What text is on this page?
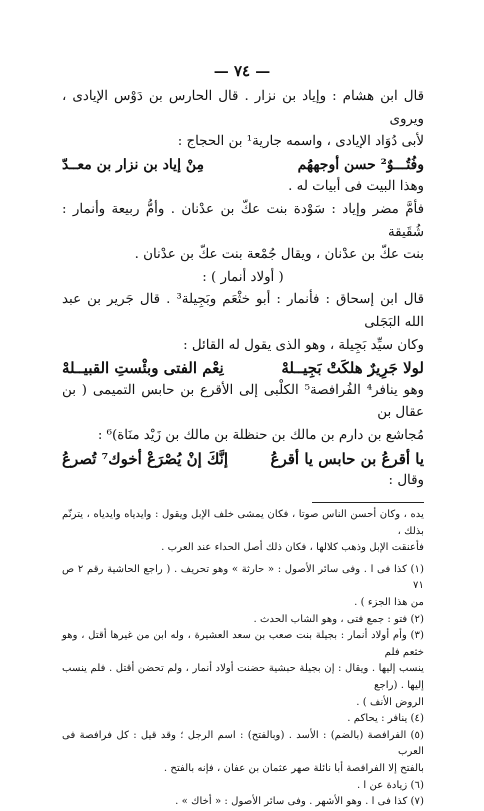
— ٧٤ —

قال ابن هشام : وإياد بن نزار . قال الحارس بن دَوْس الإيادى ، ويروى

لأبى دُوَاد الإيادى ، واسمه جارية¹ بن الحجاج :

وفُتُـــوٌ² حسن أوجههُم
مِنْ إياد بن نزار بن معــدّ

وهذا البيت فى أبيات له .

فأمَّ مضر وإياد : سَوْدة بنت عكّ بن عدْنان . وأمُّ ربيعة وأنمار : شُقَيقة

بنت عكّ بن عدْنان ، ويقال جُمْعة بنت عكّ بن عدْنان .

( أولاد أنمار ) :

قال ابن إسحاق : فأنمار : أبو خثْعَم وبَجِيلة³ . قال جَرير بن عبد الله البَجَلى

وكان سيِّد بَجِيلة ، وهو الذى يقول له القائل :

لولا جَرِيرٌ هلكَتْ بَجِيــلهْ
نِعْم الفتى وبئْستِ القبيــلهْ

وهو ينافر⁴ الفُرافصة⁵ الكلْبى إلى الأقرع بن حابس التميمى ( بن عقال بن

مُجاشع بن دارم بن مالك بن حنظلة بن مالك بن زَيْد منَاة)⁶ :

يا أقرعُ بن حابس يا أقرعُ
إنَّكَ إنْ يُصْرَعْ أخوك⁷ تُصرعُ

وقال :

يده ، وكان أحسن الناس صوتا ، فكان يمشى خلف الإبل ويقول : وايدياه وايدياه ، يترنّم بذلك ،

فأعنقت الإبل وذهب كلالها ، فكان ذلك أصل الحداء عند العرب .

(١) كذا فى ا . وفى سائر الأصول : « حارثة » وهو تحريف . ( راجع الحاشية رقم ٢ ص ٧١

من هذا الجزء ) .

(٢) فتو : جمع فتى ، وهو الشاب الحدث .

(٣) وأم أولاد أنمار : بجيلة بنت صعب بن سعد العشيرة ، وله ابن من غيرها أقتل ، وهو خثعم فلم

ينسب إليها . ويقال : إن بجيلة حبشية حضنت أولاد أنمار ، ولم تحضن أقتل . فلم ينسب إليها . (راجع

الروض الأنف ) .

(٤) ينافر : يحاكم .

(٥) الفرافصة (بالضم) : الأسد . (وبالفتح) : اسم الرجل ؛ وقد قيل : كل فرافصة فى العرب

بالفتح إلا الفرافصة أبا نائلة صهر عثمان بن عفان ، فإنه بالفتح .

(٦) زيادة عن ا .

(٧) كذا فى ا . وهو الأشهر . وفى سائر الأصول : « أخاك » .
